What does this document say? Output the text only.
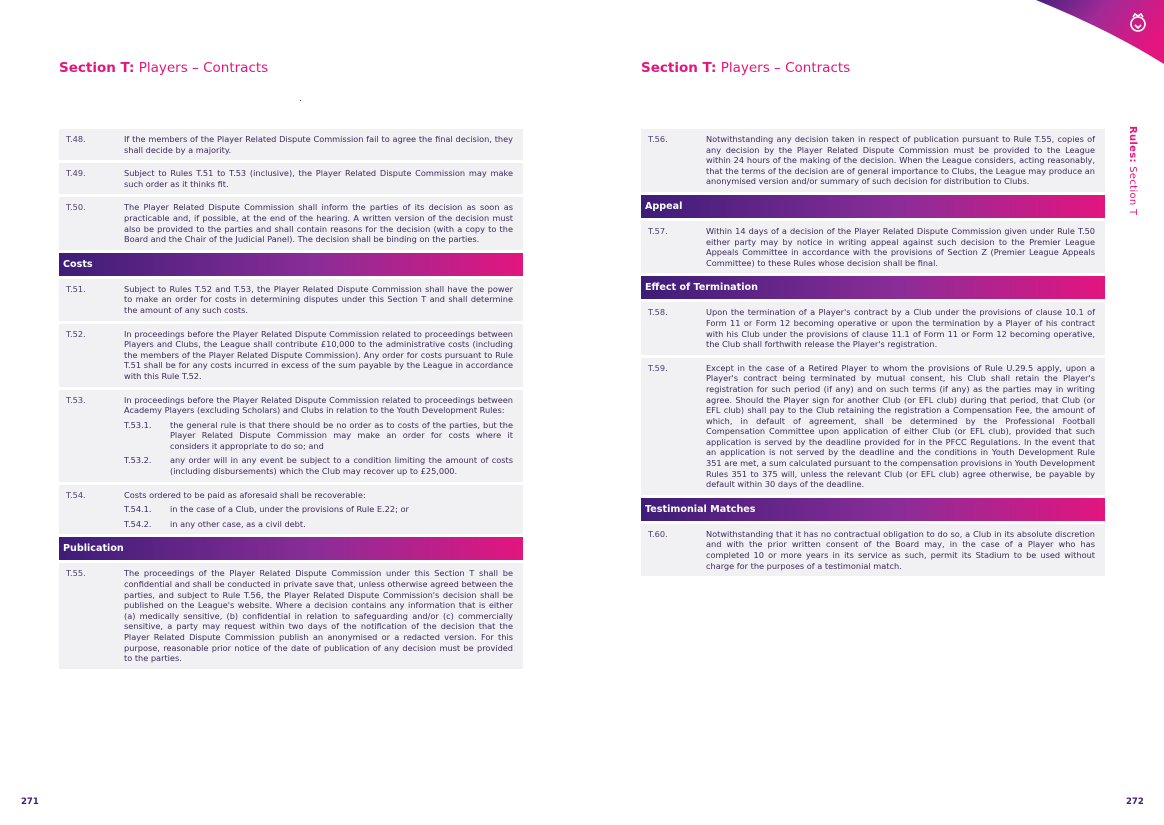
Rules: Section T
Section T: Players – Contracts	Section T: Players – Contracts
T.48.	If the members of the Player Related Dispute Commission fail to agree the final decision, they shall decide by a majority.
T.49.	Subject to Rules T.51 to T.53 (inclusive), the Player Related Dispute Commission may make such order as it thinks fit.
T.50.	The Player Related Dispute Commission shall inform the parties of its decision as soon as practicable and, if possible, at the end of the hearing. A written version of the decision must also be provided to the parties and shall contain reasons for the decision (with a copy to the Board and the Chair of the Judicial Panel). The decision shall be binding on the parties.
Costs
T.51.	Subject to Rules T.52 and T.53, the Player Related Dispute Commission shall have the power to make an order for costs in determining disputes under this Section T and shall determine the amount of any such costs.
T.52.	In proceedings before the Player Related Dispute Commission related to proceedings between Players and Clubs, the League shall contribute £10,000 to the administrative costs (including the members of the Player Related Dispute Commission). Any order for costs pursuant to Rule T.51 shall be for any costs incurred in excess of the sum payable by the League in accordance with this Rule T.52.
T.53.	In proceedings before the Player Related Dispute Commission related to proceedings between Academy Players (excluding Scholars) and Clubs in relation to the Youth Development Rules:
T.53.1.	the general rule is that there should be no order as to costs of the parties, but the Player Related Dispute Commission may make an order for costs where it considers it appropriate to do so; and
T.53.2.	any order will in any event be subject to a condition limiting the amount of costs (including disbursements) which the Club may recover up to £25,000.
T.54.	Costs ordered to be paid as aforesaid shall be recoverable:
T.54.1.	in the case of a Club, under the provisions of Rule E.22; or
T.54.2.	in any other case, as a civil debt.
Publication
T.55.	The proceedings of the Player Related Dispute Commission under this Section T shall be confidential and shall be conducted in private save that, unless otherwise agreed between the parties, and subject to Rule T.56, the Player Related Dispute Commission's decision shall be published on the League's website. Where a decision contains any information that is either (a) medically sensitive, (b) confidential in relation to safeguarding and/or (c) commercially sensitive, a party may request within two days of the notification of the decision that the Player Related Dispute Commission publish an anonymised or a redacted version. For this purpose, reasonable prior notice of the date of publication of any decision must be provided to the parties.
T.56.	Notwithstanding any decision taken in respect of publication pursuant to Rule T.55, copies of any decision by the Player Related Dispute Commission must be provided to the League within 24 hours of the making of the decision. When the League considers, acting reasonably, that the terms of the decision are of general importance to Clubs, the League may produce an anonymised version and/or summary of such decision for distribution to Clubs.
Appeal
T.57.	Within 14 days of a decision of the Player Related Dispute Commission given under Rule T.50 either party may by notice in writing appeal against such decision to the Premier League Appeals Committee in accordance with the provisions of Section Z (Premier League Appeals Committee) to these Rules whose decision shall be final.
Effect of Termination
T.58.	Upon the termination of a Player's contract by a Club under the provisions of clause 10.1 of Form 11 or Form 12 becoming operative or upon the termination by a Player of his contract with his Club under the provisions of clause 11.1 of Form 11 or Form 12 becoming operative, the Club shall forthwith release the Player's registration.
T.59.	Except in the case of a Retired Player to whom the provisions of Rule U.29.5 apply, upon a Player's contract being terminated by mutual consent, his Club shall retain the Player's registration for such period (if any) and on such terms (if any) as the parties may in writing agree. Should the Player sign for another Club (or EFL club) during that period, that Club (or EFL club) shall pay to the Club retaining the registration a Compensation Fee, the amount of which, in default of agreement, shall be determined by the Professional Football Compensation Committee upon application of either Club (or EFL club), provided that such application is served by the deadline provided for in the PFCC Regulations. In the event that an application is not served by the deadline and the conditions in Youth Development Rule 351 are met, a sum calculated pursuant to the compensation provisions in Youth Development Rules 351 to 375 will, unless the relevant Club (or EFL club) agree otherwise, be payable by default within 30 days of the deadline.
Testimonial Matches
T.60.	Notwithstanding that it has no contractual obligation to do so, a Club in its absolute discretion and with the prior written consent of the Board may, in the case of a Player who has completed 10 or more years in its service as such, permit its Stadium to be used without charge for the purposes of a testimonial match.
271	272
